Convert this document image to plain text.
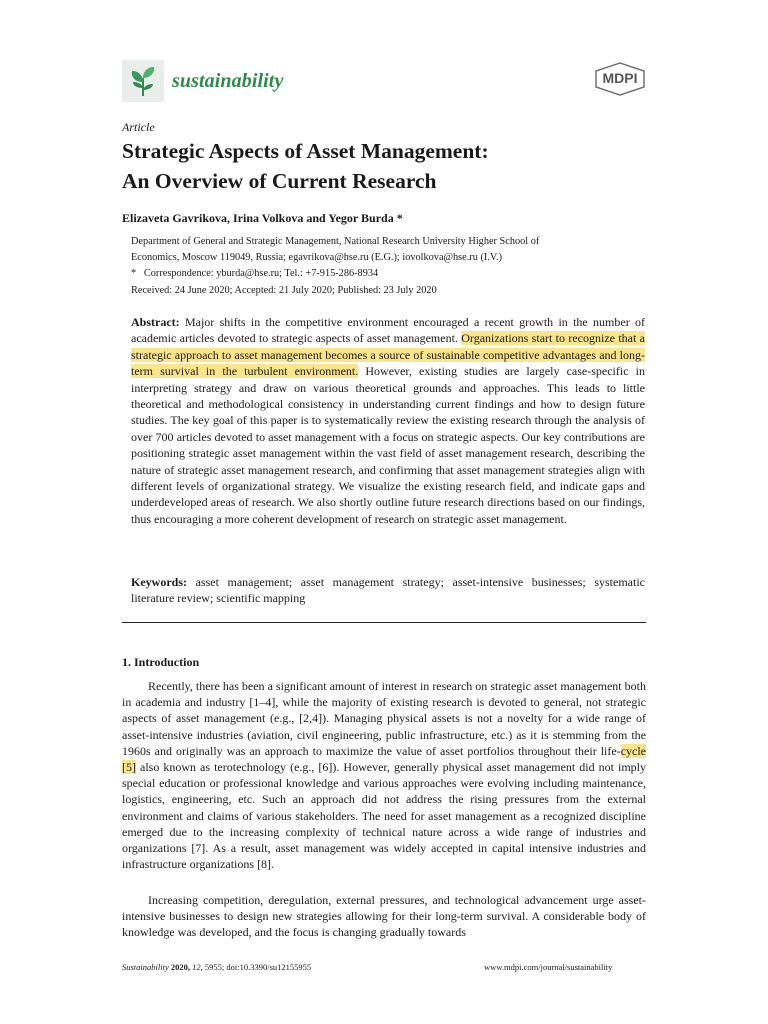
sustainability	MDPI
Article
Strategic Aspects of Asset Management:
An Overview of Current Research
Elizaveta Gavrikova, Irina Volkova and Yegor Burda *
Department of General and Strategic Management, National Research University Higher School of
Economics, Moscow 119049, Russia; egavrikova@hse.ru (E.G.); iovolkova@hse.ru (I.V.)
*   Correspondence: yburda@hse.ru; Tel.: +7-915-286-8934
Received: 24 June 2020; Accepted: 21 July 2020; Published: 23 July 2020

Abstract: Major shifts in the competitive environment encouraged a recent growth in the number of academic articles devoted to strategic aspects of asset management. Organizations start to recognize that a strategic approach to asset management becomes a source of sustainable competitive advantages and long-term survival in the turbulent environment. However, existing studies are largely case-specific in interpreting strategy and draw on various theoretical grounds and approaches. This leads to little theoretical and methodological consistency in understanding current findings and how to design future studies. The key goal of this paper is to systematically review the existing research through the analysis of over 700 articles devoted to asset management with a focus on strategic aspects. Our key contributions are positioning strategic asset management within the vast field of asset management research, describing the nature of strategic asset management research, and confirming that asset management strategies align with different levels of organizational strategy. We visualize the existing research field, and indicate gaps and underdeveloped areas of research. We also shortly outline future research directions based on our findings, thus encouraging a more coherent development of research on strategic asset management.

Keywords: asset management; asset management strategy; asset-intensive businesses; systematic literature review; scientific mapping

1. Introduction

Recently, there has been a significant amount of interest in research on strategic asset management both in academia and industry [1–4], while the majority of existing research is devoted to general, not strategic aspects of asset management (e.g., [2,4]). Managing physical assets is not a novelty for a wide range of asset-intensive industries (aviation, civil engineering, public infrastructure, etc.) as it is stemming from the 1960s and originally was an approach to maximize the value of asset portfolios throughout their life-cycle [5] also known as terotechnology (e.g., [6]). However, generally physical asset management did not imply special education or professional knowledge and various approaches were evolving including maintenance, logistics, engineering, etc. Such an approach did not address the rising pressures from the external environment and claims of various stakeholders. The need for asset management as a recognized discipline emerged due to the increasing complexity of technical nature across a wide range of industries and organizations [7]. As a result, asset management was widely accepted in capital intensive industries and infrastructure organizations [8].

Increasing competition, deregulation, external pressures, and technological advancement urge asset-intensive businesses to design new strategies allowing for their long-term survival. A considerable body of knowledge was developed, and the focus is changing gradually towards

Sustainability 2020, 12, 5955; doi:10.3390/su12155955	www.mdpi.com/journal/sustainability
